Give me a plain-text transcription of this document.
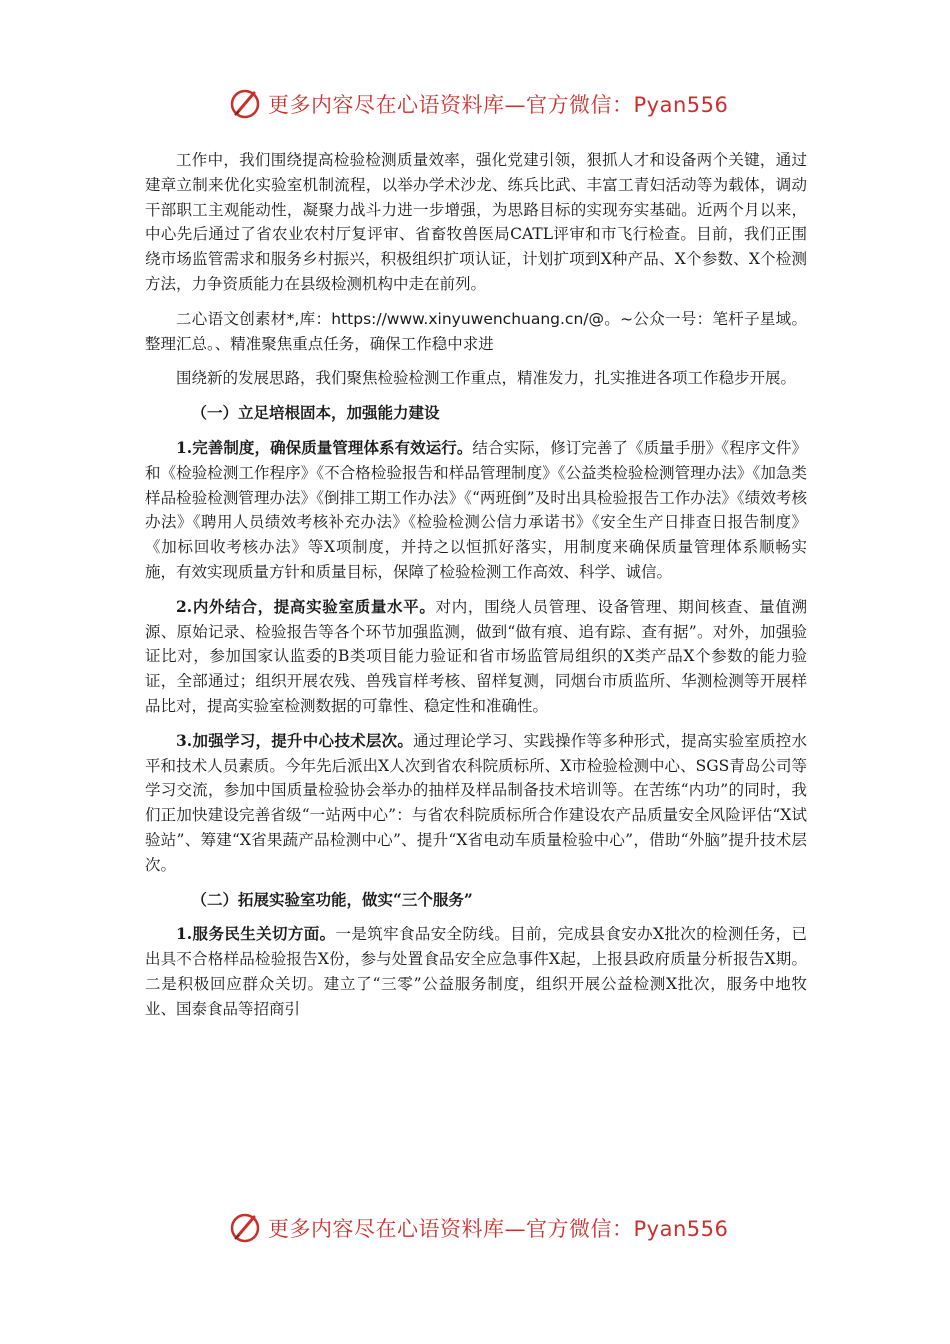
更多内容尽在心语资料库—官方微信：Pyan556

工作中，我们围绕提高检验检测质量效率，强化党建引领，狠抓人才和设备两个关键，通过建章立制来优化实验室机制流程，以举办学术沙龙、练兵比武、丰富工青妇活动等为载体，调动干部职工主观能动性，凝聚力战斗力进一步增强，为思路目标的实现夯实基础。近两个月以来，中心先后通过了省农业农村厅复评审、省畜牧兽医局CATL评审和市飞行检查。目前，我们正围绕市场监管需求和服务乡村振兴，积极组织扩项认证，计划扩项到X种产品、X个参数、X个检测方法，力争资质能力在县级检测机构中走在前列。

二心语文创素材*,库：https://www.xinyuwenchuang.cn/@。~公众一号：笔杆子星域。整理汇总。、精准聚焦重点任务，确保工作稳中求进

围绕新的发展思路，我们聚焦检验检测工作重点，精准发力，扎实推进各项工作稳步开展。

（一）立足培根固本，加强能力建设

1.完善制度，确保质量管理体系有效运行。结合实际，修订完善了《质量手册》《程序文件》和《检验检测工作程序》《不合格检验报告和样品管理制度》《公益类检验检测管理办法》《加急类样品检验检测管理办法》《倒排工期工作办法》《“两班倒”及时出具检验报告工作办法》《绩效考核办法》《聘用人员绩效考核补充办法》《检验检测公信力承诺书》《安全生产日排查日报告制度》《加标回收考核办法》等X项制度，并持之以恒抓好落实，用制度来确保质量管理体系顺畅实施，有效实现质量方针和质量目标，保障了检验检测工作高效、科学、诚信。

2.内外结合，提高实验室质量水平。对内，围绕人员管理、设备管理、期间核查、量值溯源、原始记录、检验报告等各个环节加强监测，做到“做有痕、追有踪、查有据”。对外，加强验证比对，参加国家认监委的B类项目能力验证和省市场监管局组织的X类产品X个参数的能力验证，全部通过；组织开展农残、兽残盲样考核、留样复测，同烟台市质监所、华测检测等开展样品比对，提高实验室检测数据的可靠性、稳定性和准确性。

3.加强学习，提升中心技术层次。通过理论学习、实践操作等多种形式，提高实验室质控水平和技术人员素质。今年先后派出X人次到省农科院质标所、X市检验检测中心、SGS青岛公司等学习交流，参加中国质量检验协会举办的抽样及样品制备技术培训等。在苦练“内功”的同时，我们正加快建设完善省级“一站两中心”：与省农科院质标所合作建设农产品质量安全风险评估“X试验站”、筹建“X省果蔬产品检测中心”、提升“X省电动车质量检验中心”，借助“外脑”提升技术层次。

（二）拓展实验室功能，做实“三个服务”

1.服务民生关切方面。一是筑牢食品安全防线。目前，完成县食安办X批次的检测任务，已出具不合格样品检验报告X份，参与处置食品安全应急事件X起，上报县政府质量分析报告X期。二是积极回应群众关切。建立了“三零”公益服务制度，组织开展公益检测X批次，服务中地牧业、国泰食品等招商引

更多内容尽在心语资料库—官方微信：Pyan556
